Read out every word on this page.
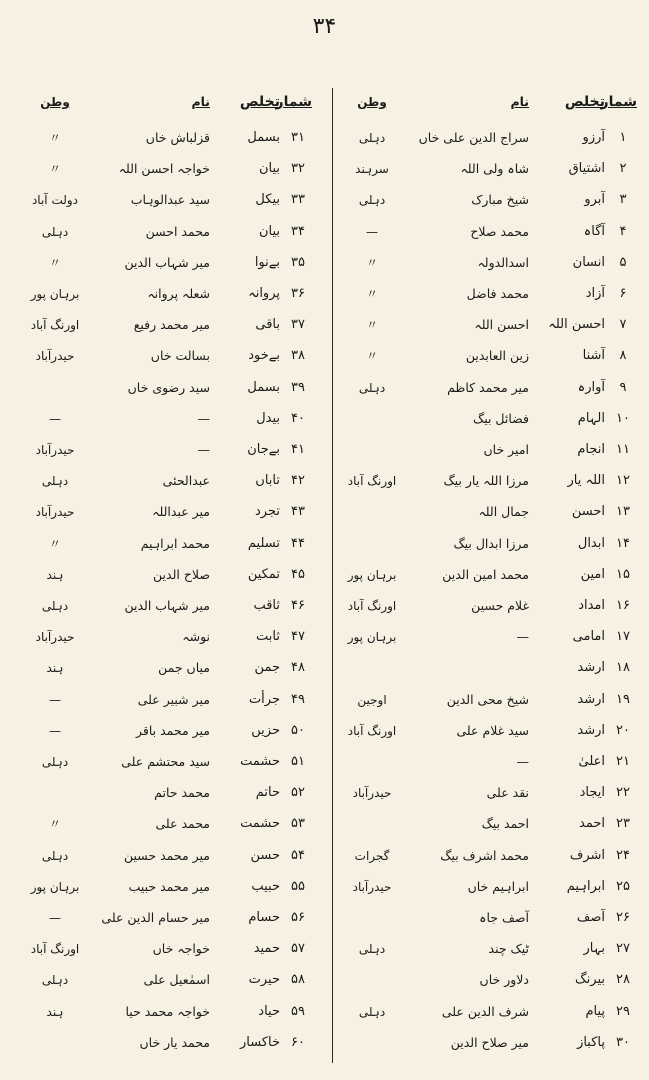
۳۴
شمار
تخلص
نام
وطن
۱
آرزو
سراج الدین علی خاں
دہلی
۲
اشتیاق
شاہ ولی اللہ
سرہند
۳
آبرو
شیخ مبارک
دہلی
۴
آگاہ
محمد صلاح
—
۵
انسان
اسدالدولہ
〃
۶
آزاد
محمد فاضل
〃
۷
احسن اللہ
احسن اللہ
〃
۸
آشنا
زین العابدین
〃
۹
آوارہ
میر محمد کاظم
دہلی
۱۰
الہام
فضائل بیگ
۱۱
انجام
امیر خاں
۱۲
اللہ یار
مرزا اللہ یار بیگ
اورنگ آباد
۱۳
احسن
جمال اللہ
۱۴
ابدال
مرزا ابدال بیگ
۱۵
امین
محمد امین الدین
برہان پور
۱۶
امداد
غلام حسین
اورنگ آباد
۱۷
امامی
—
برہان پور
۱۸
ارشد
۱۹
ارشد
شیخ محی الدین
اوجین
۲۰
ارشد
سید غلام علی
اورنگ آباد
۲۱
اعلیٰ
—
۲۲
ایجاد
نقد علی
حیدرآباد
۲۳
احمد
احمد بیگ
۲۴
اشرف
محمد اشرف بیگ
گجرات
۲۵
ابراہیم
ابراہیم خاں
حیدرآباد
۲۶
آصف
آصف جاہ
۲۷
بہار
ٹیک چند
دہلی
۲۸
بیرنگ
دلاور خاں
۲۹
پیام
شرف الدین علی
دہلی
۳۰
پاکباز
میر صلاح الدین
شمار
تخلص
نام
وطن
۳۱
بسمل
قزلباش خاں
〃
۳۲
بیان
خواجہ احسن اللہ
〃
۳۳
بیکل
سید عبدالوہاب
دولت آباد
۳۴
بیان
محمد احسن
دہلی
۳۵
بےنوا
میر شہاب الدین
〃
۳۶
پروانہ
شعلہ پروانہ
برہان پور
۳۷
باقی
میر محمد رفیع
اورنگ آباد
۳۸
بےخود
بسالت خاں
حیدرآباد
۳۹
بسمل
سید رضوی خاں
۴۰
بیدل
—
—
۴۱
بےجان
—
حیدرآباد
۴۲
تاباں
عبدالحئی
دہلی
۴۳
تجرد
میر عبداللہ
حیدرآباد
۴۴
تسلیم
محمد ابراہیم
〃
۴۵
تمکین
صلاح الدین
ہند
۴۶
ثاقب
میر شہاب الدین
دہلی
۴۷
ثابت
نوشہ
حیدرآباد
۴۸
جمن
میاں جمن
ہند
۴۹
جرأت
میر شبیر علی
—
۵۰
حزیں
میر محمد باقر
—
۵۱
حشمت
سید محتشم علی
دہلی
۵۲
حاتم
محمد حاتم
۵۳
حشمت
محمد علی
〃
۵۴
حسن
میر محمد حسین
دہلی
۵۵
حبیب
میر محمد حبیب
برہان پور
۵۶
حسام
میر حسام الدین علی
—
۵۷
حمید
خواجہ خاں
اورنگ آباد
۵۸
حیرت
اسمٰعیل علی
دہلی
۵۹
حیاد
خواجہ محمد حیا
ہند
۶۰
خاکسار
محمد یار خاں
